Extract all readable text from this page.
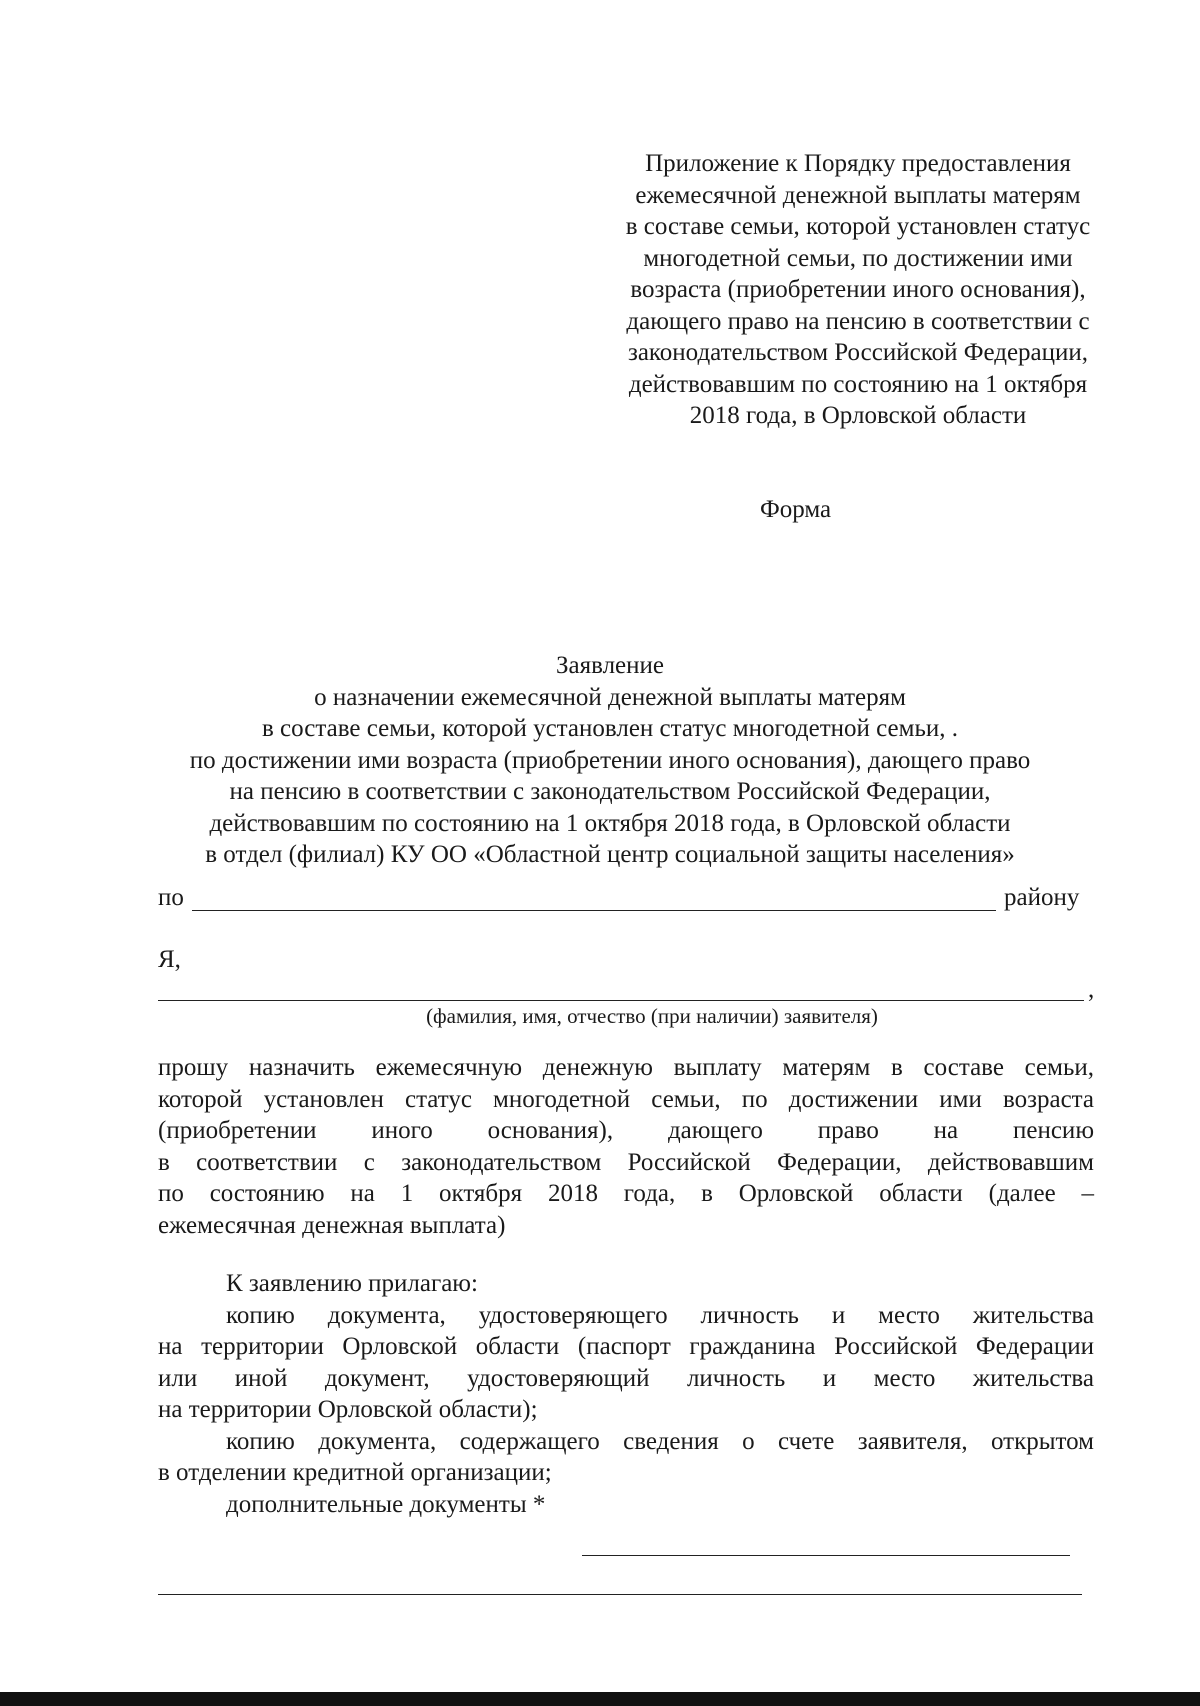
Приложение к Порядку предоставления
ежемесячной денежной выплаты матерям
в составе семьи, которой установлен статус
многодетной семьи, по достижении ими
возраста (приобретении иного основания),
дающего право на пенсию в соответствии с
законодательством Российской Федерации,
действовавшим по состоянию на 1 октября
2018 года, в Орловской области
Форма
Заявление
о назначении ежемесячной денежной выплаты матерям
в составе семьи, которой установлен статус многодетной семьи, .
по достижении ими возраста (приобретении иного основания), дающего право
на пенсию в соответствии с законодательством Российской Федерации,
действовавшим по состоянию на 1 октября 2018 года, в Орловской области
в отдел (филиал) КУ ОО «Областной центр социальной защиты населения»
по	району
Я,
,
(фамилия, имя, отчество (при наличии) заявителя)
прошу назначить ежемесячную денежную выплату матерям в составе семьи,
которой установлен статус многодетной семьи, по достижении ими возраста
(приобретении иного основания), дающего право на пенсию
в соответствии с законодательством Российской Федерации, действовавшим
по состоянию на 1 октября 2018 года, в Орловской области (далее –
ежемесячная денежная выплата)
К заявлению прилагаю:
копию документа, удостоверяющего личность и место жительства
на территории Орловской области (паспорт гражданина Российской Федерации
или иной документ, удостоверяющий личность и место жительства
на территории Орловской области);
копию документа, содержащего сведения о счете заявителя, открытом
в отделении кредитной организации;
дополнительные документы *
